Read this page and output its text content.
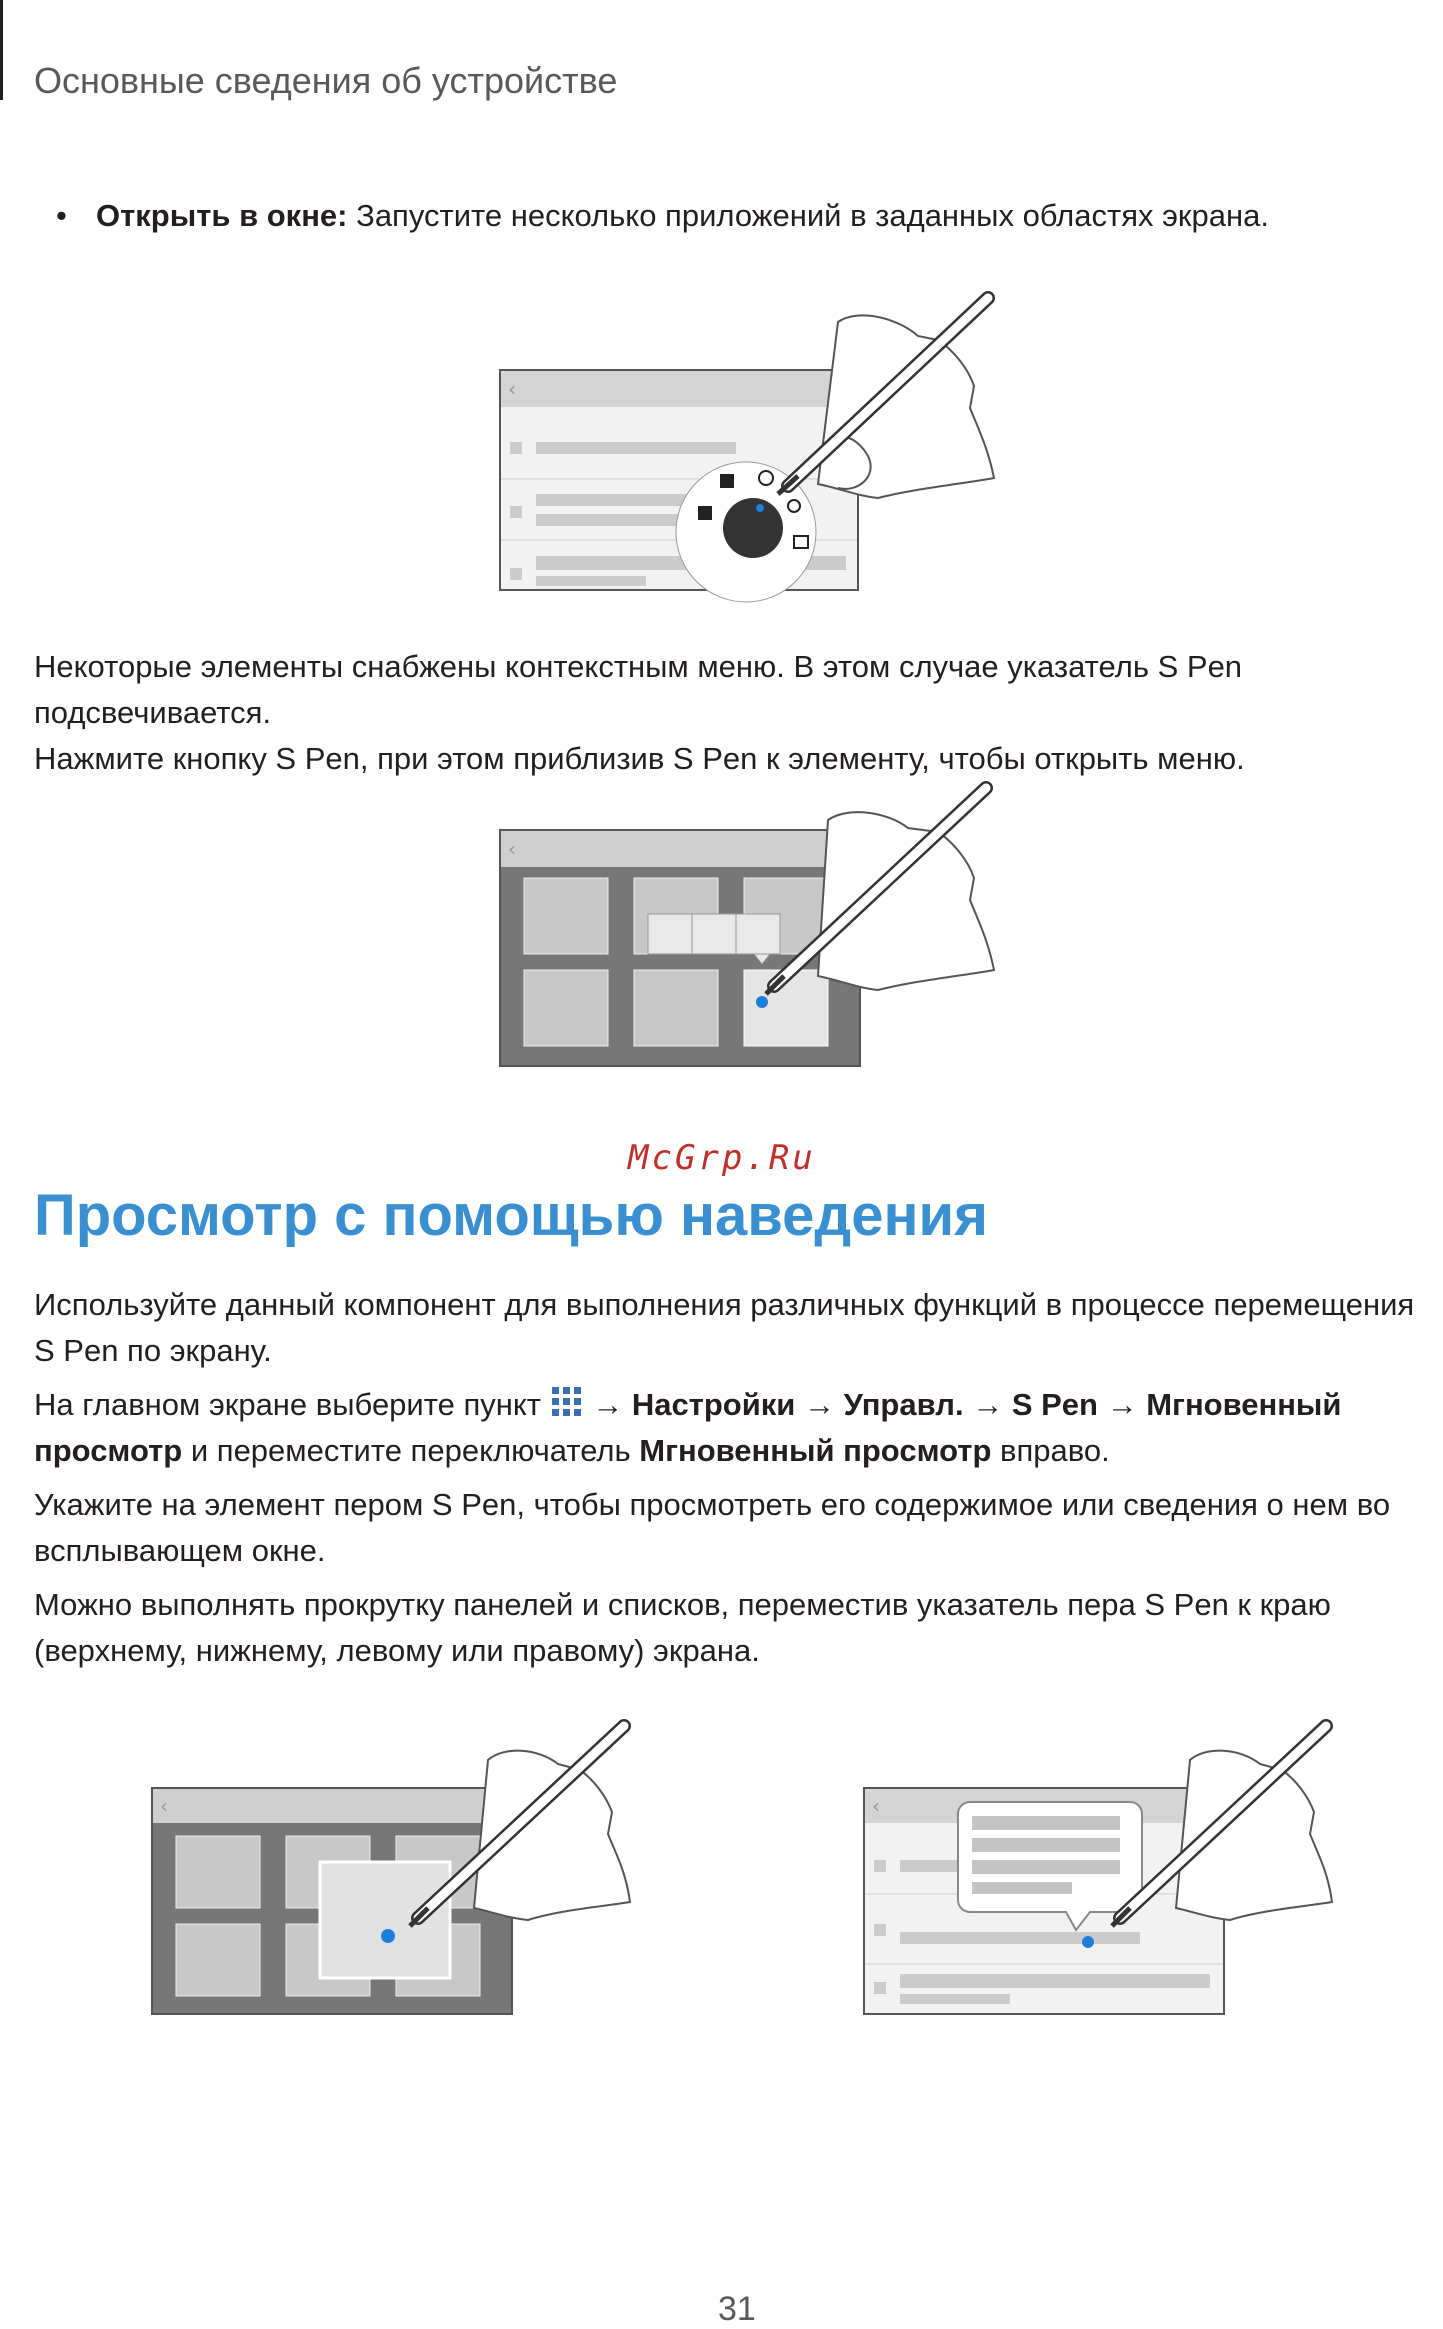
Основные сведения об устройстве
• Открыть в окне: Запустите несколько приложений в заданных областях экрана.
‹

Некоторые элементы снабжены контекстным меню. В этом случае указатель S Pen подсвечивается.
Нажмите кнопку S Pen, при этом приблизив S Pen к элементу, чтобы открыть меню.

‹
McGrp.Ru
Просмотр с помощью наведения

Используйте данный компонент для выполнения различных функций в процессе перемещения S Pen по экрану.

На главном экране выберите пункт  → Настройки → Управл. → S Pen → Мгновенный просмотр и переместите переключатель Мгновенный просмотр вправо.

Укажите на элемент пером S Pen, чтобы просмотреть его содержимое или сведения о нем во всплывающем окне.

Можно выполнять прокрутку панелей и списков, переместив указатель пера S Pen к краю (верхнему, нижнему, левому или правому) экрана.

‹	‹
31
